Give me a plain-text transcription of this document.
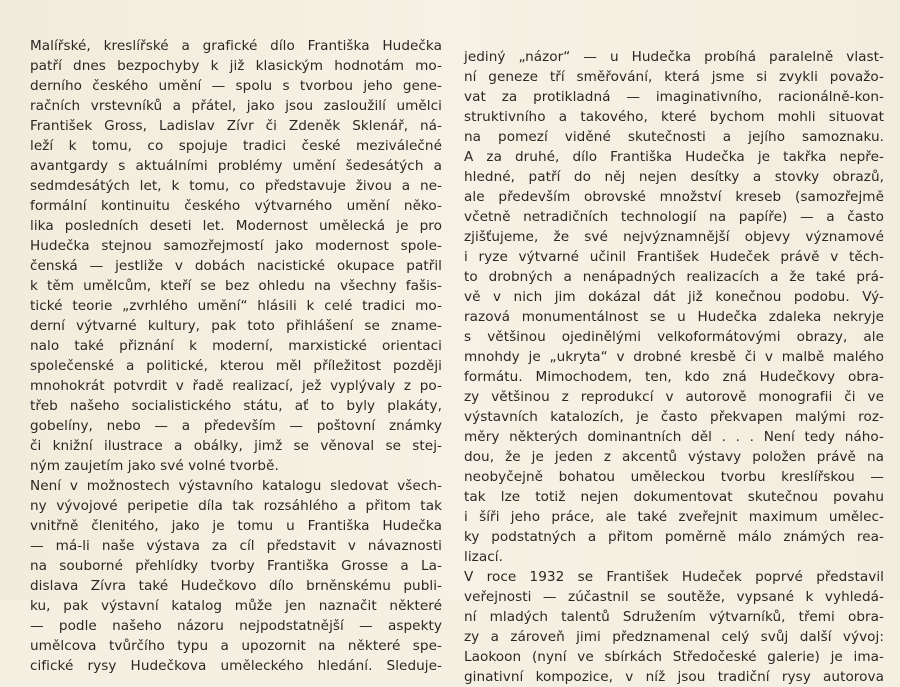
Malířské, kreslířské a grafické dílo Františka Hudečka
patří dnes bezpochyby k již klasickým hodnotám mo-
derního českého umění — spolu s tvorbou jeho gene-
račních vrstevníků a přátel, jako jsou zasloužilí umělci
František Gross, Ladislav Zívr či Zdeněk Sklenář, ná-
leží k tomu, co spojuje tradici české meziválečné
avantgardy s aktuálními problémy umění šedesátých a
sedmdesátých let, k tomu, co představuje živou a ne-
formální kontinuitu českého výtvarného umění něko-
lika posledních deseti let. Modernost umělecká je pro
Hudečka stejnou samozřejmostí jako modernost spole-
čenská — jestliže v dobách nacistické okupace patřil
k těm umělcům, kteří se bez ohledu na všechny fašis-
tické teorie „zvrhlého umění“ hlásili k celé tradici mo-
derní výtvarné kultury, pak toto přihlášení se zname-
nalo také přiznání k moderní, marxistické orientaci
společenské a politické, kterou měl příležitost později
mnohokrát potvrdit v řadě realizací, jež vyplývaly z po-
třeb našeho socialistického státu, ať to byly plakáty,
gobelíny, nebo — a především — poštovní známky
či knižní ilustrace a obálky, jimž se věnoval se stej-
ným zaujetím jako své volné tvorbě.
Není v možnostech výstavního katalogu sledovat všech-
ny vývojové peripetie díla tak rozsáhlého a přitom tak
vnitřně členitého, jako je tomu u Františka Hudečka
— má-li naše výstava za cíl představit v návaznosti
na souborné přehlídky tvorby Františka Grosse a La-
dislava Zívra také Hudečkovo dílo brněnskému publi-
ku, pak výstavní katalog může jen naznačit některé
— podle našeho názoru nejpodstatnější — aspekty
umělcova tvůrčího typu a upozornit na některé spe-
cifické rysy Hudečkova uměleckého hledání. Sleduje-
jediný „názor“ — u Hudečka probíhá paralelně vlast-
ní geneze tří směřování, která jsme si zvykli považo-
vat za protikladná — imaginativního, racionálně-kon-
struktivního a takového, které bychom mohli situovat
na pomezí viděné skutečnosti a jejího samoznaku.
A za druhé, dílo Františka Hudečka je takřka nepře-
hledné, patří do něj nejen desítky a stovky obrazů,
ale především obrovské množství kreseb (samozřejmě
včetně netradičních technologií na papíře) — a často
zjišťujeme, že své nejvýznamnější objevy významové
i ryze výtvarné učinil František Hudeček právě v těch-
to drobných a nenápadných realizacích a že také prá-
vě v nich jim dokázal dát již konečnou podobu. Vý-
razová monumentálnost se u Hudečka zdaleka nekryje
s většinou ojedinělými velkoformátovými obrazy, ale
mnohdy je „ukryta“ v drobné kresbě či v malbě malého
formátu. Mimochodem, ten, kdo zná Hudečkovy obra-
zy většinou z reprodukcí v autorově monografii či ve
výstavních katalozích, je často překvapen malými roz-
měry některých dominantních děl . . . Není tedy náho-
dou, že je jeden z akcentů výstavy položen právě na
neobyčejně bohatou uměleckou tvorbu kreslířskou —
tak lze totiž nejen dokumentovat skutečnou povahu
i šíři jeho práce, ale také zveřejnit maximum umělec-
ky podstatných a přitom poměrně málo známých rea-
lizací.
V roce 1932 se František Hudeček poprvé představil
veřejnosti — zúčastnil se soutěže, vypsané k vyhledá-
ní mladých talentů Sdružením výtvarníků, třemi obra-
zy a zároveň jimi předznamenal celý svůj další vývoj:
Laokoon (nyní ve sbírkách Středočeské galerie) je ima-
ginativní kompozice, v níž jsou tradiční rysy autorova
